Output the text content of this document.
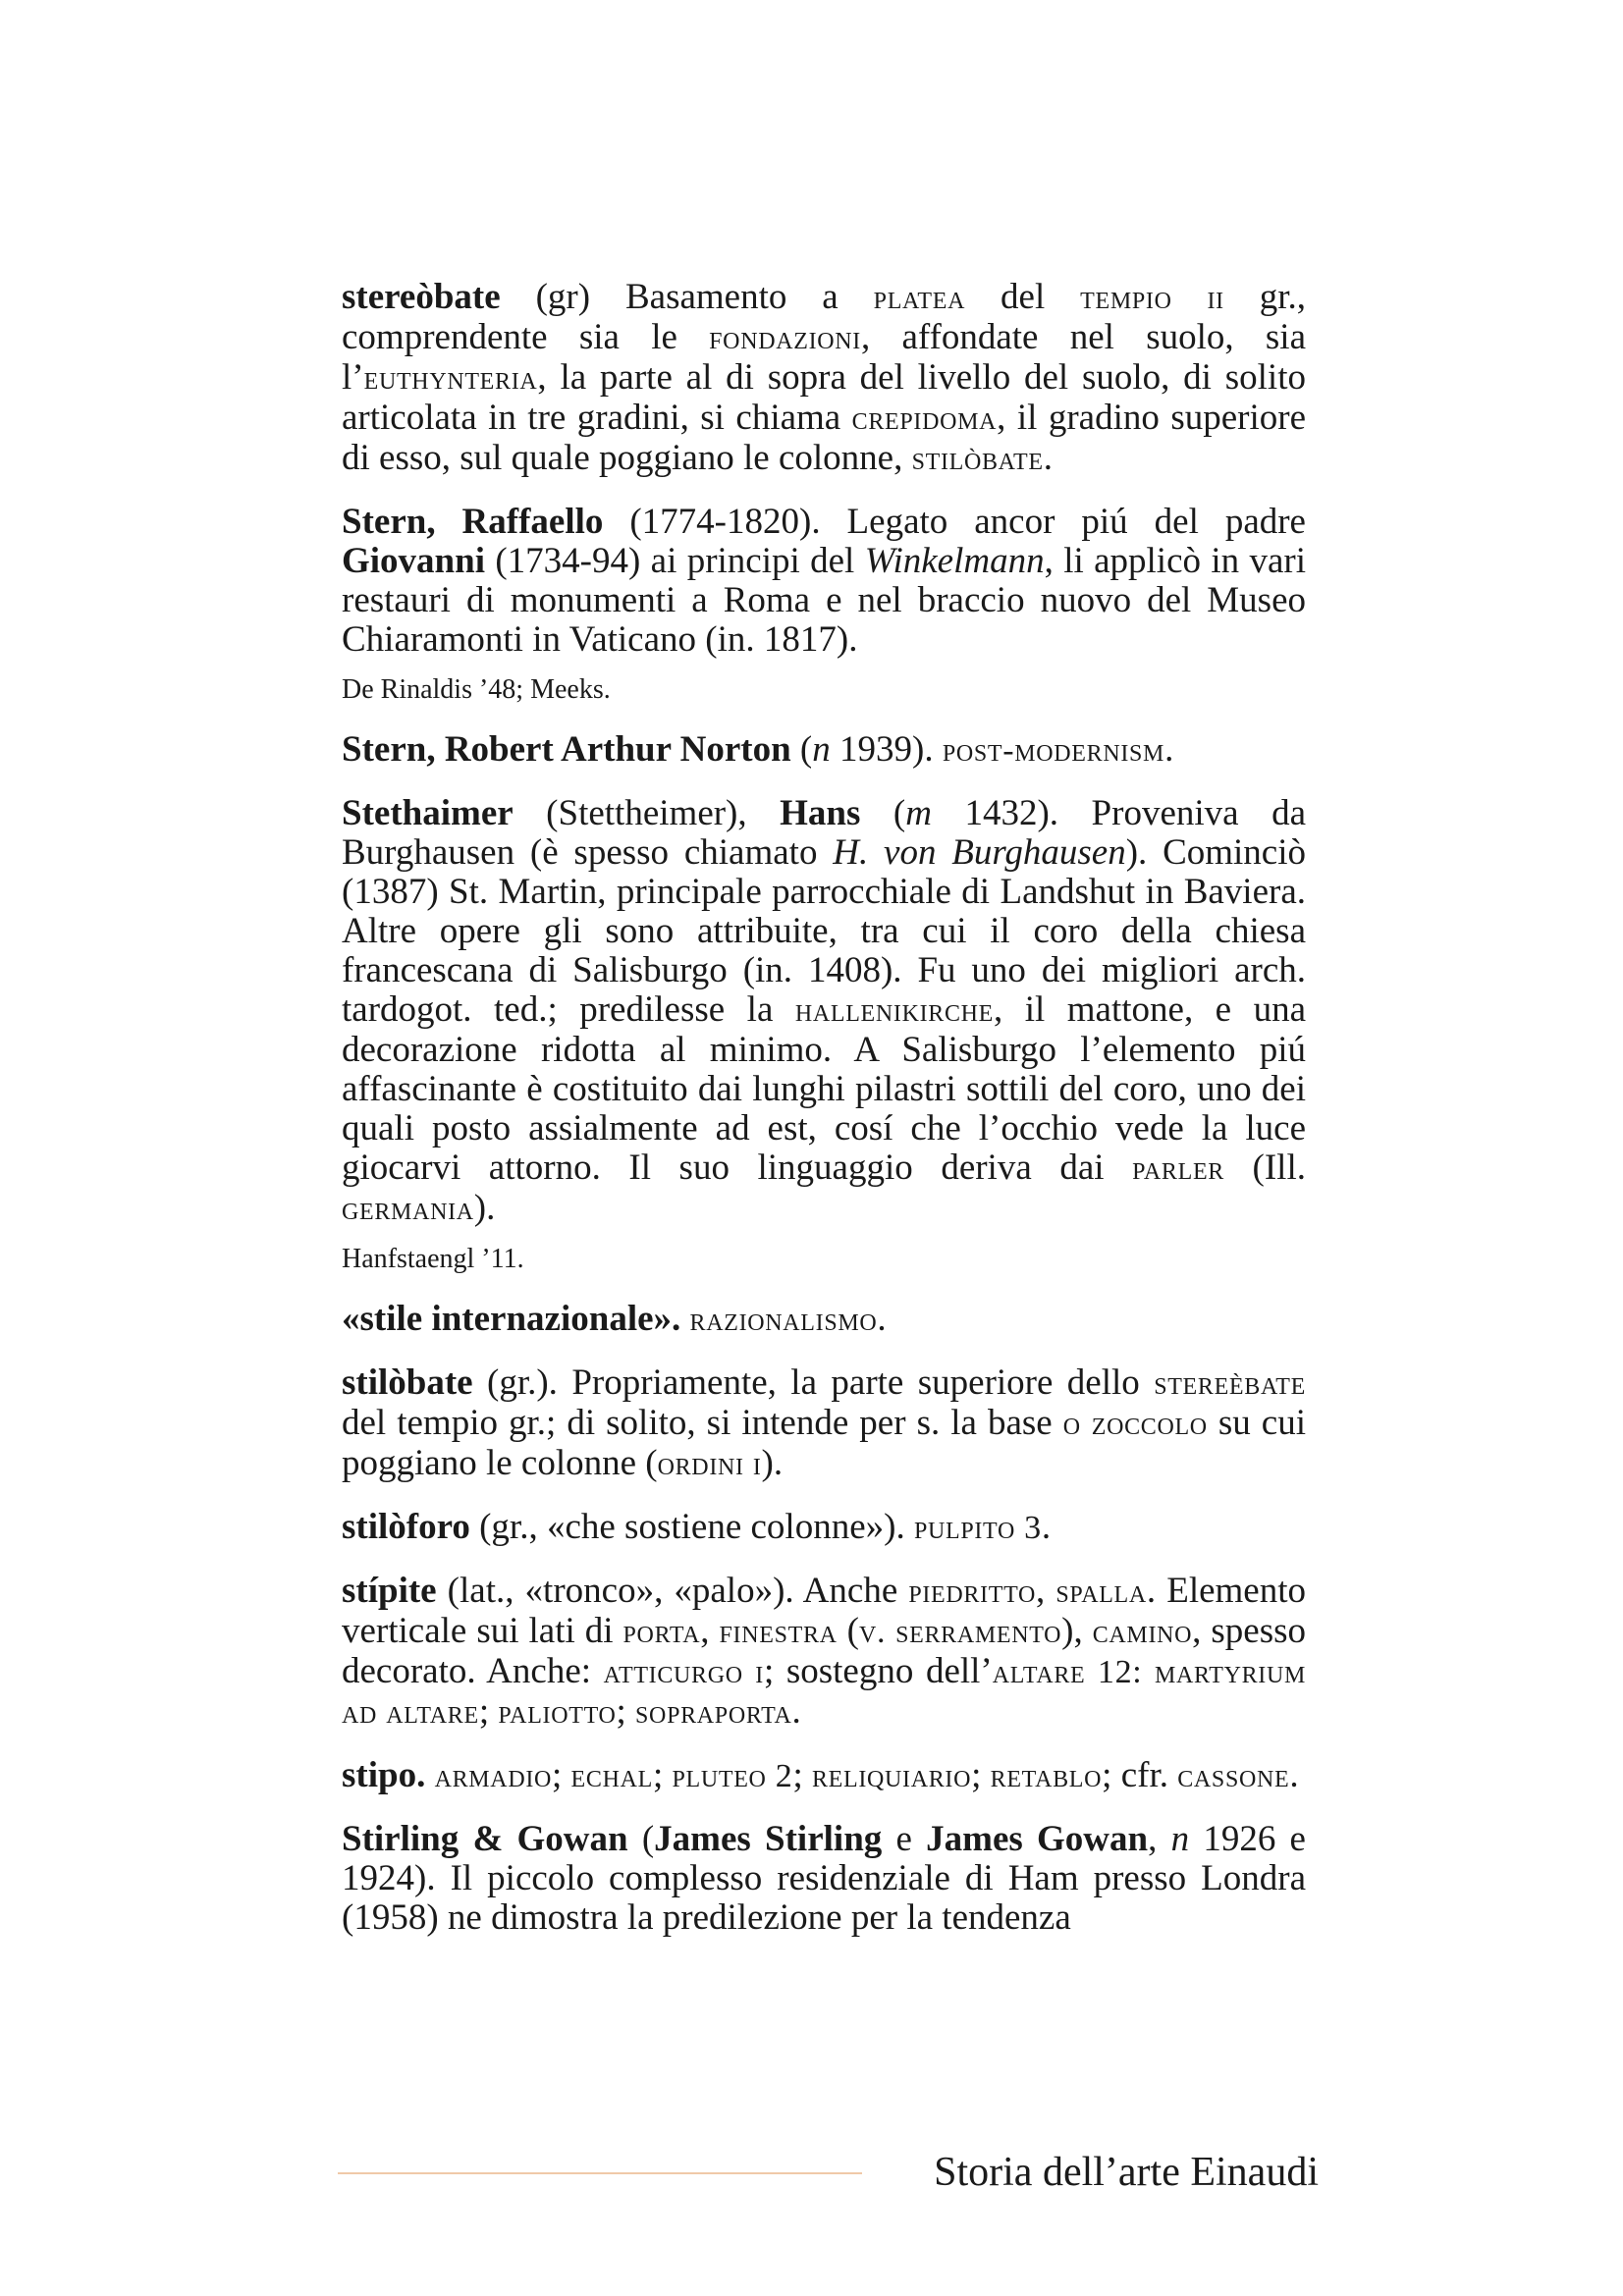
stereòbate (gr) Basamento a platea del tempio ii gr., comprendente sia le fondazioni, affondate nel suolo, sia l’euthynteria, la parte al di sopra del livello del suolo, di solito articolata in tre gradini, si chiama crepidoma, il gradino superiore di esso, sul quale poggiano le colonne, stilòbate.

Stern, Raffaello (1774-1820). Legato ancor piú del padre Giovanni (1734-94) ai principi del Winkelmann, li applicò in vari restauri di monumenti a Roma e nel braccio nuovo del Museo Chiaramonti in Vaticano (in. 1817).

De Rinaldis ’48; Meeks.

Stern, Robert Arthur Norton (n 1939). post-modernism.

Stethaimer (Stettheimer), Hans (m 1432). Proveniva da Burghausen (è spesso chiamato H. von Burghausen). Cominciò (1387) St. Martin, principale parrocchiale di Landshut in Baviera. Altre opere gli sono attribuite, tra cui il coro della chiesa francescana di Salisburgo (in. 1408). Fu uno dei migliori arch. tardogot. ted.; predilesse la hallenikirche, il mattone, e una decorazione ridotta al minimo. A Salisburgo l’elemento piú affascinante è costituito dai lunghi pilastri sottili del coro, uno dei quali posto assialmente ad est, cosí che l’occhio vede la luce giocarvi attorno. Il suo linguaggio deriva dai parler (Ill. germania).

Hanfstaengl ’11.

«stile internazionale». razionalismo.

stilòbate (gr.). Propriamente, la parte superiore dello stereèbate del tempio gr.; di solito, si intende per s. la base o zoccolo su cui poggiano le colonne (ordini i).

stilòforo (gr., «che sostiene colonne»). pulpito 3.

stípite (lat., «tronco», «palo»). Anche piedritto, spalla. Elemento verticale sui lati di porta, finestra (v. serramento), camino, spesso decorato. Anche: atticurgo i; sostegno dell’altare 12: martyrium ad altare; paliotto; sopraporta.

stipo. armadio; echal; pluteo 2; reliquiario; retablo; cfr. cassone.

Stirling & Gowan (James Stirling e James Gowan, n 1926 e 1924). Il piccolo complesso residenziale di Ham presso Londra (1958) ne dimostra la predilezione per la tendenza

Storia dell’arte Einaudi
